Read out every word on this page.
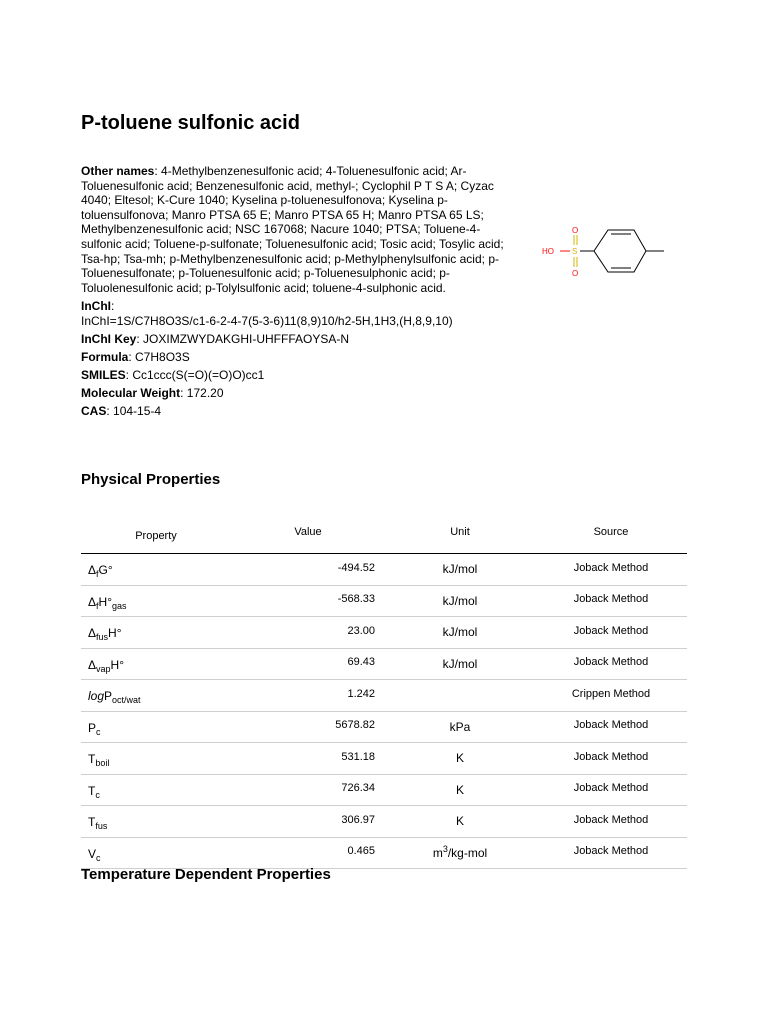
P-toluene sulfonic acid
Other names: 4-Methylbenzenesulfonic acid; 4-Toluenesulfonic acid; Ar-Toluenesulfonic acid; Benzenesulfonic acid, methyl-; Cyclophil P T S A; Cyzac 4040; Eltesol; K-Cure 1040; Kyselina p-toluenesulfonova; Kyselina p-toluensulfonova; Manro PTSA 65 E; Manro PTSA 65 H; Manro PTSA 65 LS; Methylbenzenesulfonic acid; NSC 167068; Nacure 1040; PTSA; Toluene-4-sulfonic acid; Toluene-p-sulfonate; Toluenesulfonic acid; Tosic acid; Tosylic acid; Tsa-hp; Tsa-mh; p-Methylbenzenesulfonic acid; p-Methylphenylsulfonic acid; p-Toluenesulfonate; p-Toluenesulfonic acid; p-Toluenesulphonic acid; p-Toluolenesulfonic acid; p-Tolylsulfonic acid; toluene-4-sulphonic acid.
InChI:
InChI=1S/C7H8O3S/c1-6-2-4-7(5-3-6)11(8,9)10/h2-5H,1H3,(H,8,9,10)
InChI Key: JOXIMZWYDAKGHI-UHFFFAOYSA-N
Formula: C7H8O3S
SMILES: Cc1ccc(S(=O)(=O)O)cc1
Molecular Weight: 172.20
CAS: 104-15-4
HO S
O
O
Physical Properties
Property	Value	Unit	Source
$\Delta_fG^\circ$	-494.52	kJ/mol	Joback Method
$\Delta_fH^\circ_{gas}$	-568.33	kJ/mol	Joback Method
$\Delta_{fus}H^\circ$	23.00	kJ/mol	Joback Method
$\Delta_{vap}H^\circ$	69.43	kJ/mol	Joback Method
logP$_{oct/wat}$	1.242		Crippen Method
$P_c$	5678.82	kPa	Joback Method
$T_{boil}$	531.18	K	Joback Method
$T_c$	726.34	K	Joback Method
$T_{fus}$	306.97	K	Joback Method
$V_c$	0.465	$m^3/kg$-mol	Joback Method
Temperature Dependent Properties
